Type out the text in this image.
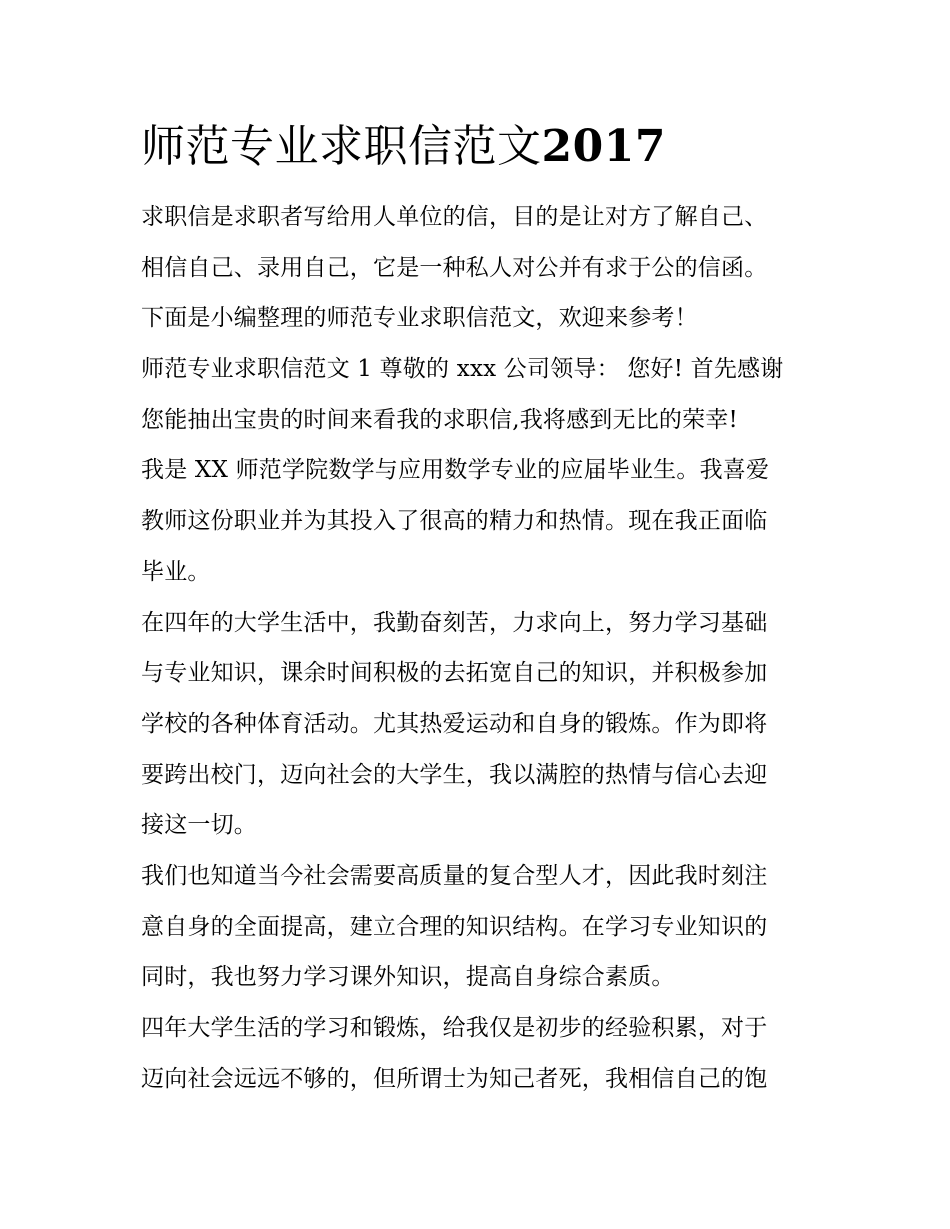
师范专业求职信范文2017
求职信是求职者写给用人单位的信，目的是让对方了解自己、
相信自己、录用自己，它是一种私人对公并有求于公的信函。
下面是小编整理的师范专业求职信范文，欢迎来参考！
师范专业求职信范文 1 尊敬的 xxx 公司领导： 您好! 首先感谢
您能抽出宝贵的时间来看我的求职信,我将感到无比的荣幸!
我是 XX 师范学院数学与应用数学专业的应届毕业生。我喜爱
教师这份职业并为其投入了很高的精力和热情。现在我正面临
毕业。
在四年的大学生活中，我勤奋刻苦，力求向上，努力学习基础
与专业知识，课余时间积极的去拓宽自己的知识，并积极参加
学校的各种体育活动。尤其热爱运动和自身的锻炼。作为即将
要跨出校门，迈向社会的大学生，我以满腔的热情与信心去迎
接这一切。
我们也知道当今社会需要高质量的复合型人才，因此我时刻注
意自身的全面提高，建立合理的知识结构。在学习专业知识的
同时，我也努力学习课外知识，提高自身综合素质。
四年大学生活的学习和锻炼，给我仅是初步的经验积累，对于
迈向社会远远不够的，但所谓士为知己者死，我相信自己的饱
